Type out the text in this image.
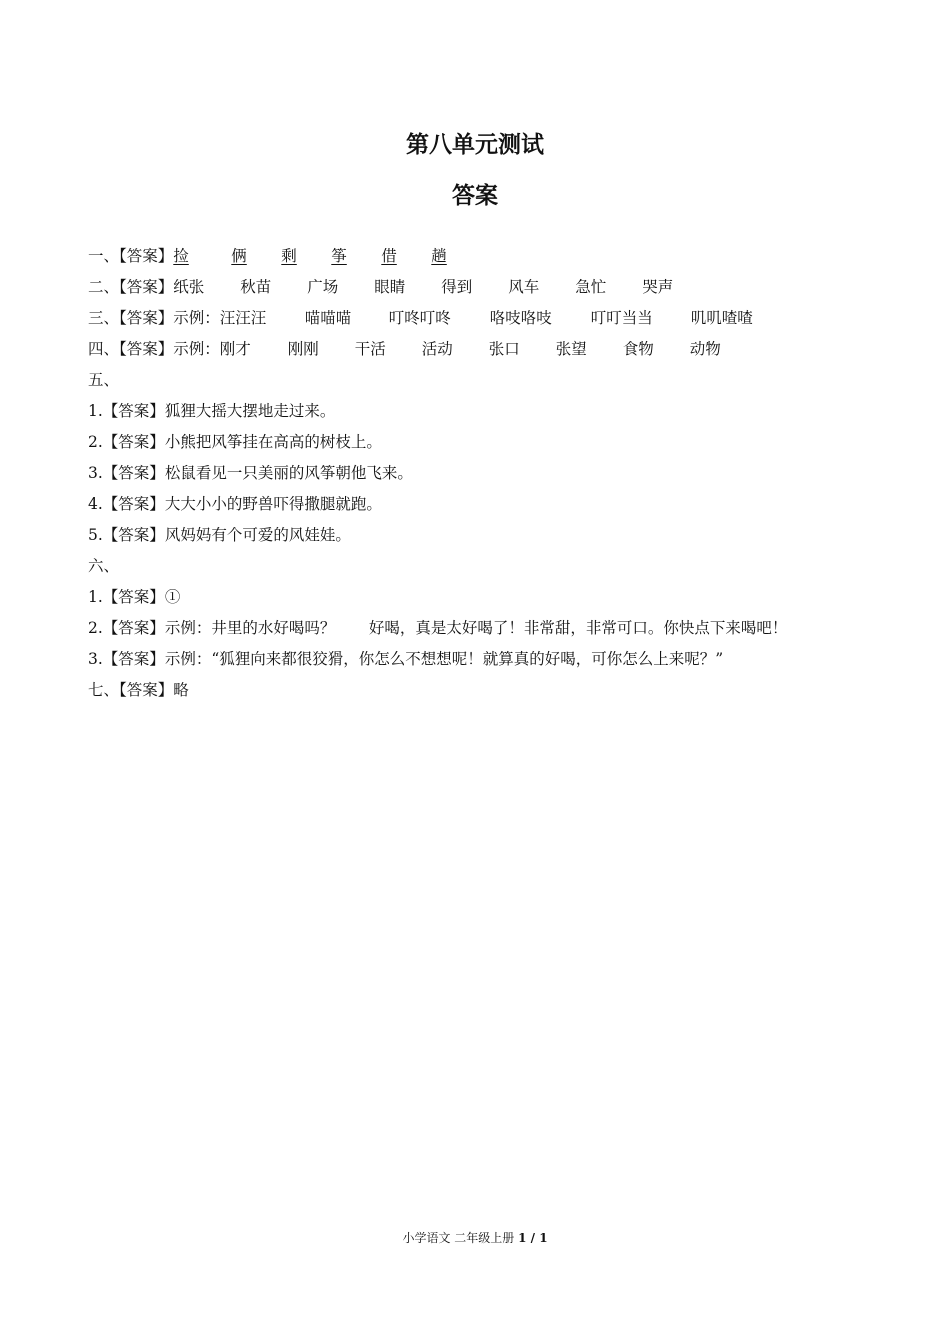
第八单元测试
答案
一、【答案】捡	俩 剩 筝 借 趟
二、【答案】纸张 秋苗 广场 眼睛 得到 风车 急忙 哭声
三、【答案】示例：汪汪汪 喵喵喵 叮咚叮咚	咯吱咯吱	叮叮当当 叽叽喳喳
四、【答案】示例：刚才 刚刚 干活 活动 张口 张望 食物 动物
五、
1.【答案】狐狸大摇大摆地走过来。
2.【答案】小熊把风筝挂在高高的树枝上。
3.【答案】松鼠看见一只美丽的风筝朝他飞来。
4.【答案】大大小小的野兽吓得撒腿就跑。
5.【答案】风妈妈有个可爱的风娃娃。
六、
1.【答案】①
2.【答案】示例：井里的水好喝吗？ 好喝，真是太好喝了！非常甜，非常可口。你快点下来喝吧！
3.【答案】示例：“狐狸向来都很狡猾，你怎么不想想呢！就算真的好喝，可你怎么上来呢？”
七、【答案】略
小学语文 二年级上册 1 / 1
